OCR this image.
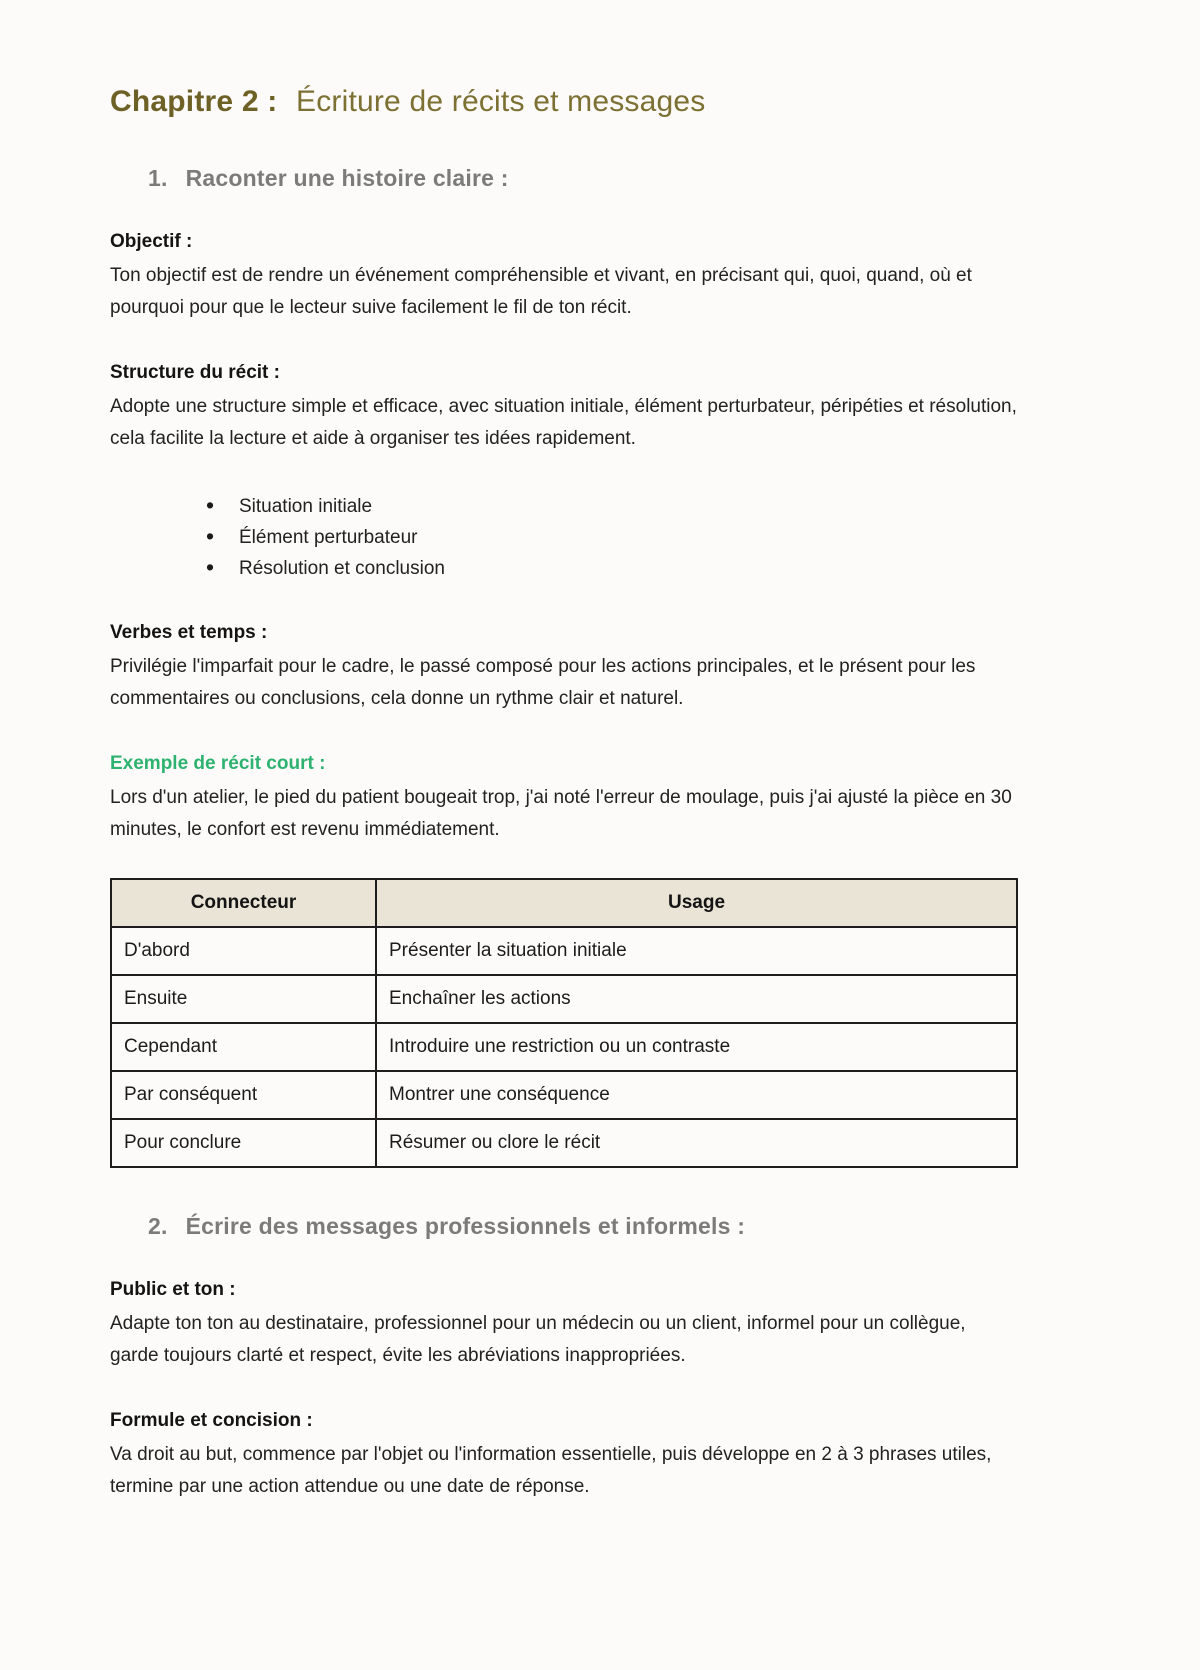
Chapitre 2 : Écriture de récits et messages
1. Raconter une histoire claire :

Objectif :

Ton objectif est de rendre un événement compréhensible et vivant, en précisant qui, quoi, quand, où et pourquoi pour que le lecteur suive facilement le fil de ton récit.

Structure du récit :

Adopte une structure simple et efficace, avec situation initiale, élément perturbateur, péripéties et résolution, cela facilite la lecture et aide à organiser tes idées rapidement.

• Situation initiale
• Élément perturbateur
• Résolution et conclusion

Verbes et temps :

Privilégie l'imparfait pour le cadre, le passé composé pour les actions principales, et le présent pour les commentaires ou conclusions, cela donne un rythme clair et naturel.

Exemple de récit court :

Lors d'un atelier, le pied du patient bougeait trop, j'ai noté l'erreur de moulage, puis j'ai ajusté la pièce en 30 minutes, le confort est revenu immédiatement.

Connecteur	Usage
D'abord	Présenter la situation initiale
Ensuite	Enchaîner les actions
Cependant	Introduire une restriction ou un contraste
Par conséquent	Montrer une conséquence
Pour conclure	Résumer ou clore le récit
2. Écrire des messages professionnels et informels :

Public et ton :

Adapte ton ton au destinataire, professionnel pour un médecin ou un client, informel pour un collègue, garde toujours clarté et respect, évite les abréviations inappropriées.

Formule et concision :

Va droit au but, commence par l'objet ou l'information essentielle, puis développe en 2 à 3 phrases utiles, termine par une action attendue ou une date de réponse.
